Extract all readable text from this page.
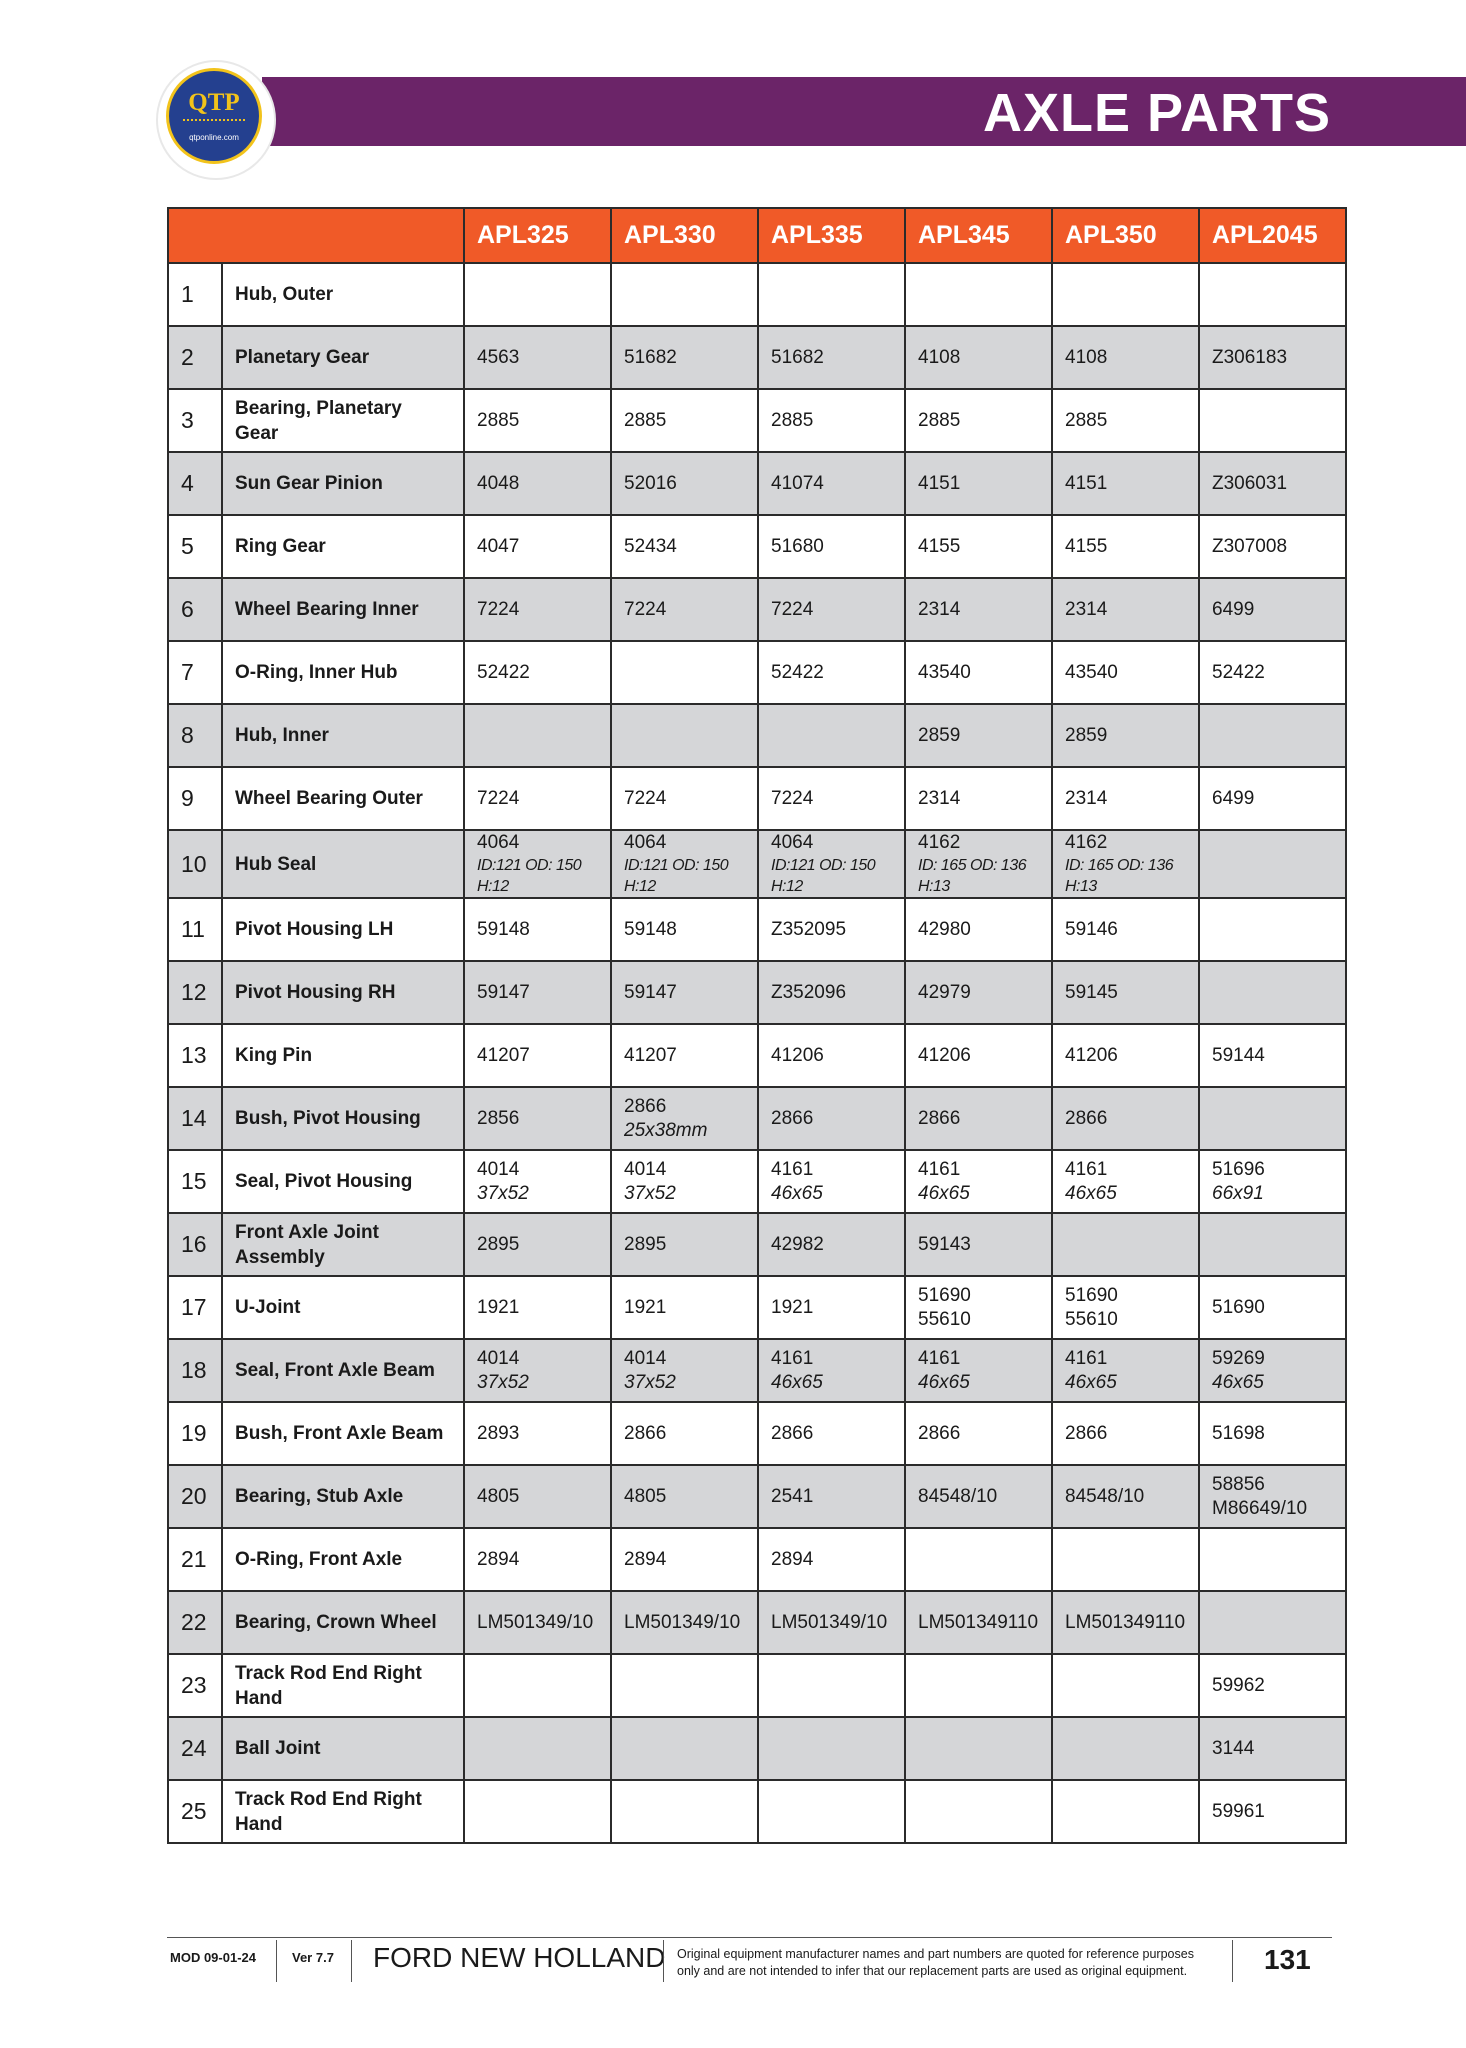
AXLE PARTS
QTP
qtponline.com
		APL325	APL330	APL335	APL345	APL350	APL2045
1	Hub, Outer						

2	Planetary Gear	4563	51682	51682	4108	4108	Z306183

3	Bearing, Planetary
Gear	2885	2885	2885	2885	2885	

4	Sun Gear Pinion	4048	52016	41074	4151	4151	Z306031

5	Ring Gear	4047	52434	51680	4155	4155	Z307008

6	Wheel Bearing Inner	7224	7224	7224	2314	2314	6499

7	O-Ring, Inner Hub	52422		52422	43540	43540	52422

8	Hub, Inner				2859	2859	

9	Wheel Bearing Outer	7224	7224	7224	2314	2314	6499

10	Hub Seal	4064
ID:121 OD: 150
H:12	4064
ID:121 OD: 150
H:12	4064
ID:121 OD: 150
H:12	4162
ID: 165 OD: 136
H:13	4162
ID: 165 OD: 136
H:13	

11	Pivot Housing LH	59148	59148	Z352095	42980	59146	

12	Pivot Housing RH	59147	59147	Z352096	42979	59145	

13	King Pin	41207	41207	41206	41206	41206	59144

14	Bush, Pivot Housing	2856	2866
25x38mm	2866	2866	2866	

15	Seal, Pivot Housing	4014
37x52	4014
37x52	4161
46x65	4161
46x65	4161
46x65	51696
66x91

16	Front Axle Joint
Assembly	2895	2895	42982	59143		

17	U-Joint	1921	1921	1921	51690
55610	51690
55610	51690

18	Seal, Front Axle Beam	4014
37x52	4014
37x52	4161
46x65	4161
46x65	4161
46x65	59269
46x65

19	Bush, Front Axle Beam	2893	2866	2866	2866	2866	51698

20	Bearing, Stub Axle	4805	4805	2541	84548/10	84548/10	58856
M86649/10

21	O-Ring, Front Axle	2894	2894	2894			

22	Bearing, Crown Wheel	LM501349/10	LM501349/10	LM501349/10	LM501349110	LM501349110	

23	Track Rod End Right
Hand						59962

24	Ball Joint						3144

25	Track Rod End Right
Hand						59961
MOD 09-01-24	Ver 7.7 FORD NEW HOLLAND Original equipment manufacturer names and part numbers are quoted for reference purposes
only and are not intended to infer that our replacement parts are used as original equipment.	131
